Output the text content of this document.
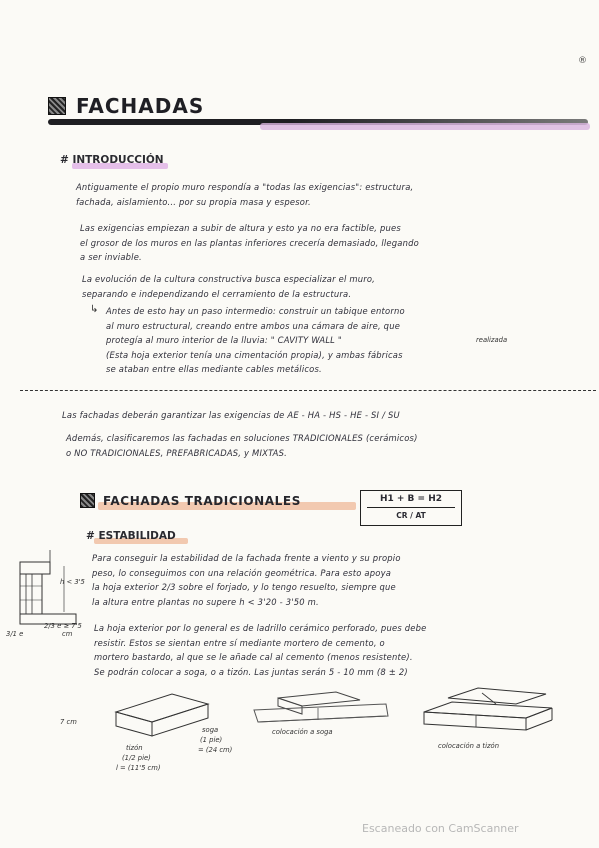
®
FACHADAS
# INTRODUCCIÓN
Antiguamente el propio muro respondía a "todas las exigencias": estructura,
fachada, aislamiento... por su propia masa y espesor.
Las exigencias empiezan a subir de altura y esto ya no era factible, pues
el grosor de los muros en las plantas inferiores crecería demasiado, llegando
a ser inviable.
La evolución de la cultura constructiva busca especializar el muro,
separando e independizando el cerramiento de la estructura.
↳ Antes de esto hay un paso intermedio: construir un tabique entorno
al muro estructural, creando entre ambos una cámara de aire, que
protegía al muro interior de la lluvia: " CAVITY WALL "
(Esta hoja exterior tenía una cimentación propia), y ambas fábricas
se ataban entre ellas mediante cables metálicos.
realizada
Las fachadas deberán garantizar las exigencias de AE - HA - HS - HE - SI / SU
Además, clasificaremos las fachadas en soluciones TRADICIONALES (cerámicos)
o NO TRADICIONALES, PREFABRICADAS, y MIXTAS.
FACHADAS TRADICIONALES	H1 + B = H2
CR / AT
# ESTABILIDAD
h < 3'5
2/3 e ≥ 7'5
cm
3/1 e
Para conseguir la estabilidad de la fachada frente a viento y su propio
peso, lo conseguimos con una relación geométrica. Para esto apoya
la hoja exterior 2/3 sobre el forjado, y lo tengo resuelto, siempre que
la altura entre plantas no supere h < 3'20 - 3'50 m.
La hoja exterior por lo general es de ladrillo cerámico perforado, pues debe
resistir. Estos se sientan entre sí mediante mortero de cemento, o
mortero bastardo, al que se le añade cal al cemento (menos resistente).
Se podrán colocar a soga, o a tizón. Las juntas serán 5 - 10 mm (8 ± 2)
7 cm
tizón
(1/2 pie)
l = (11'5 cm)
soga
(1 pie)
= (24 cm)
colocación a soga
colocación a tizón
Escaneado con CamScanner
